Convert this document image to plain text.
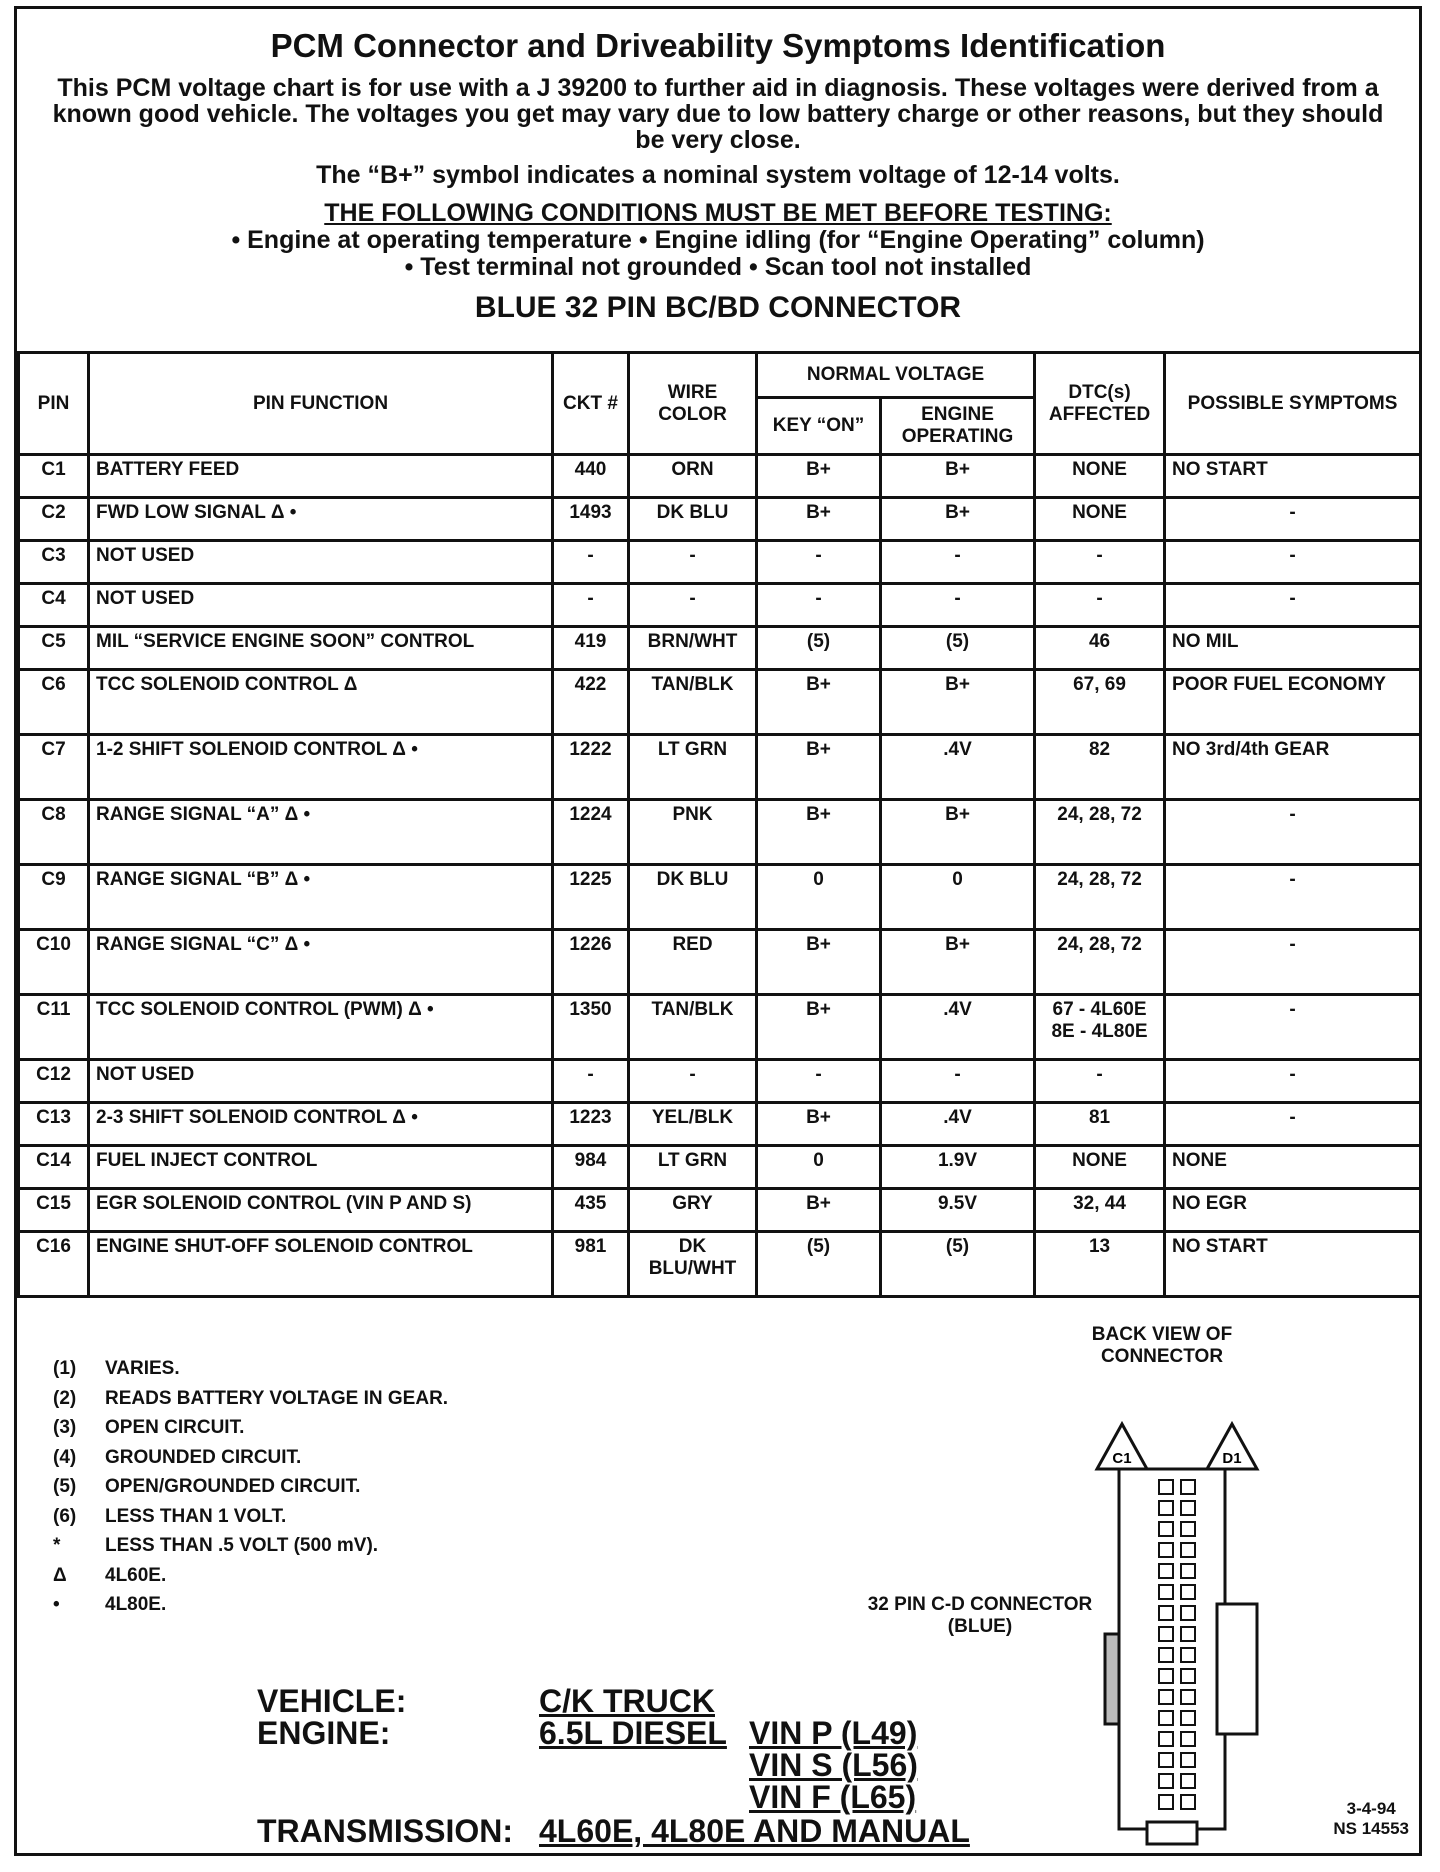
PCM Connector and Driveability Symptoms Identification
This PCM voltage chart is for use with a J 39200 to further aid in diagnosis. These voltages were derived from a known good vehicle. The voltages you get may vary due to low battery charge or other reasons, but they should be very close.
The “B+” symbol indicates a nominal system voltage of 12-14 volts.
THE FOLLOWING CONDITIONS MUST BE MET BEFORE TESTING:
• Engine at operating temperature • Engine idling (for “Engine Operating” column)
• Test terminal not grounded • Scan tool not installed
BLUE 32 PIN BC/BD CONNECTOR
PIN	PIN FUNCTION	CKT #	WIRE COLOR	NORMAL VOLTAGE		DTC(s) AFFECTED	POSSIBLE SYMPTOMS
				KEY “ON”	ENGINE OPERATING		
C1	BATTERY FEED	440	ORN	B+	B+	NONE	NO START
C2	FWD LOW SIGNAL Δ •	1493	DK BLU	B+	B+	NONE	-
C3	NOT USED	-	-	-	-	-	-
C4	NOT USED	-	-	-	-	-	-
C5	MIL “SERVICE ENGINE SOON” CONTROL	419	BRN/WHT	(5)	(5)	46	NO MIL
C6	TCC SOLENOID CONTROL Δ	422	TAN/BLK	B+	B+	67, 69	POOR FUEL ECONOMY
C7	1-2 SHIFT SOLENOID CONTROL Δ •	1222	LT GRN	B+	.4V	82	NO 3rd/4th GEAR
C8	RANGE SIGNAL “A” Δ •	1224	PNK	B+	B+	24, 28, 72	-
C9	RANGE SIGNAL “B” Δ •	1225	DK BLU	0	0	24, 28, 72	-
C10	RANGE SIGNAL “C” Δ •	1226	RED	B+	B+	24, 28, 72	-
C11	TCC SOLENOID CONTROL (PWM) Δ •	1350	TAN/BLK	B+	.4V	67 - 4L60E 8E - 4L80E	-
C12	NOT USED	-	-	-	-	-	-
C13	2-3 SHIFT SOLENOID CONTROL Δ •	1223	YEL/BLK	B+	.4V	81	-
C14	FUEL INJECT CONTROL	984	LT GRN	0	1.9V	NONE	NONE
C15	EGR SOLENOID CONTROL (VIN P AND S)	435	GRY	B+	9.5V	32, 44	NO EGR
C16	ENGINE SHUT-OFF SOLENOID CONTROL	981	DK BLU/WHT	(5)	(5)	13	NO START
(1) VARIES.
(2) READS BATTERY VOLTAGE IN GEAR.
(3) OPEN CIRCUIT.
(4) GROUNDED CIRCUIT.
(5) OPEN/GROUNDED CIRCUIT.
(6) LESS THAN 1 VOLT.
* LESS THAN .5 VOLT (500 mV).
Δ 4L60E.
• 4L80E.
BACK VIEW OF CONNECTOR
C1	D1
32 PIN C-D CONNECTOR (BLUE)
VEHICLE:	C/K TRUCK
ENGINE:	6.5L DIESEL VIN P (L49)
VIN S (L56)
VIN F (L65)
TRANSMISSION: 4L60E, 4L80E AND MANUAL
3-4-94
NS 14553
